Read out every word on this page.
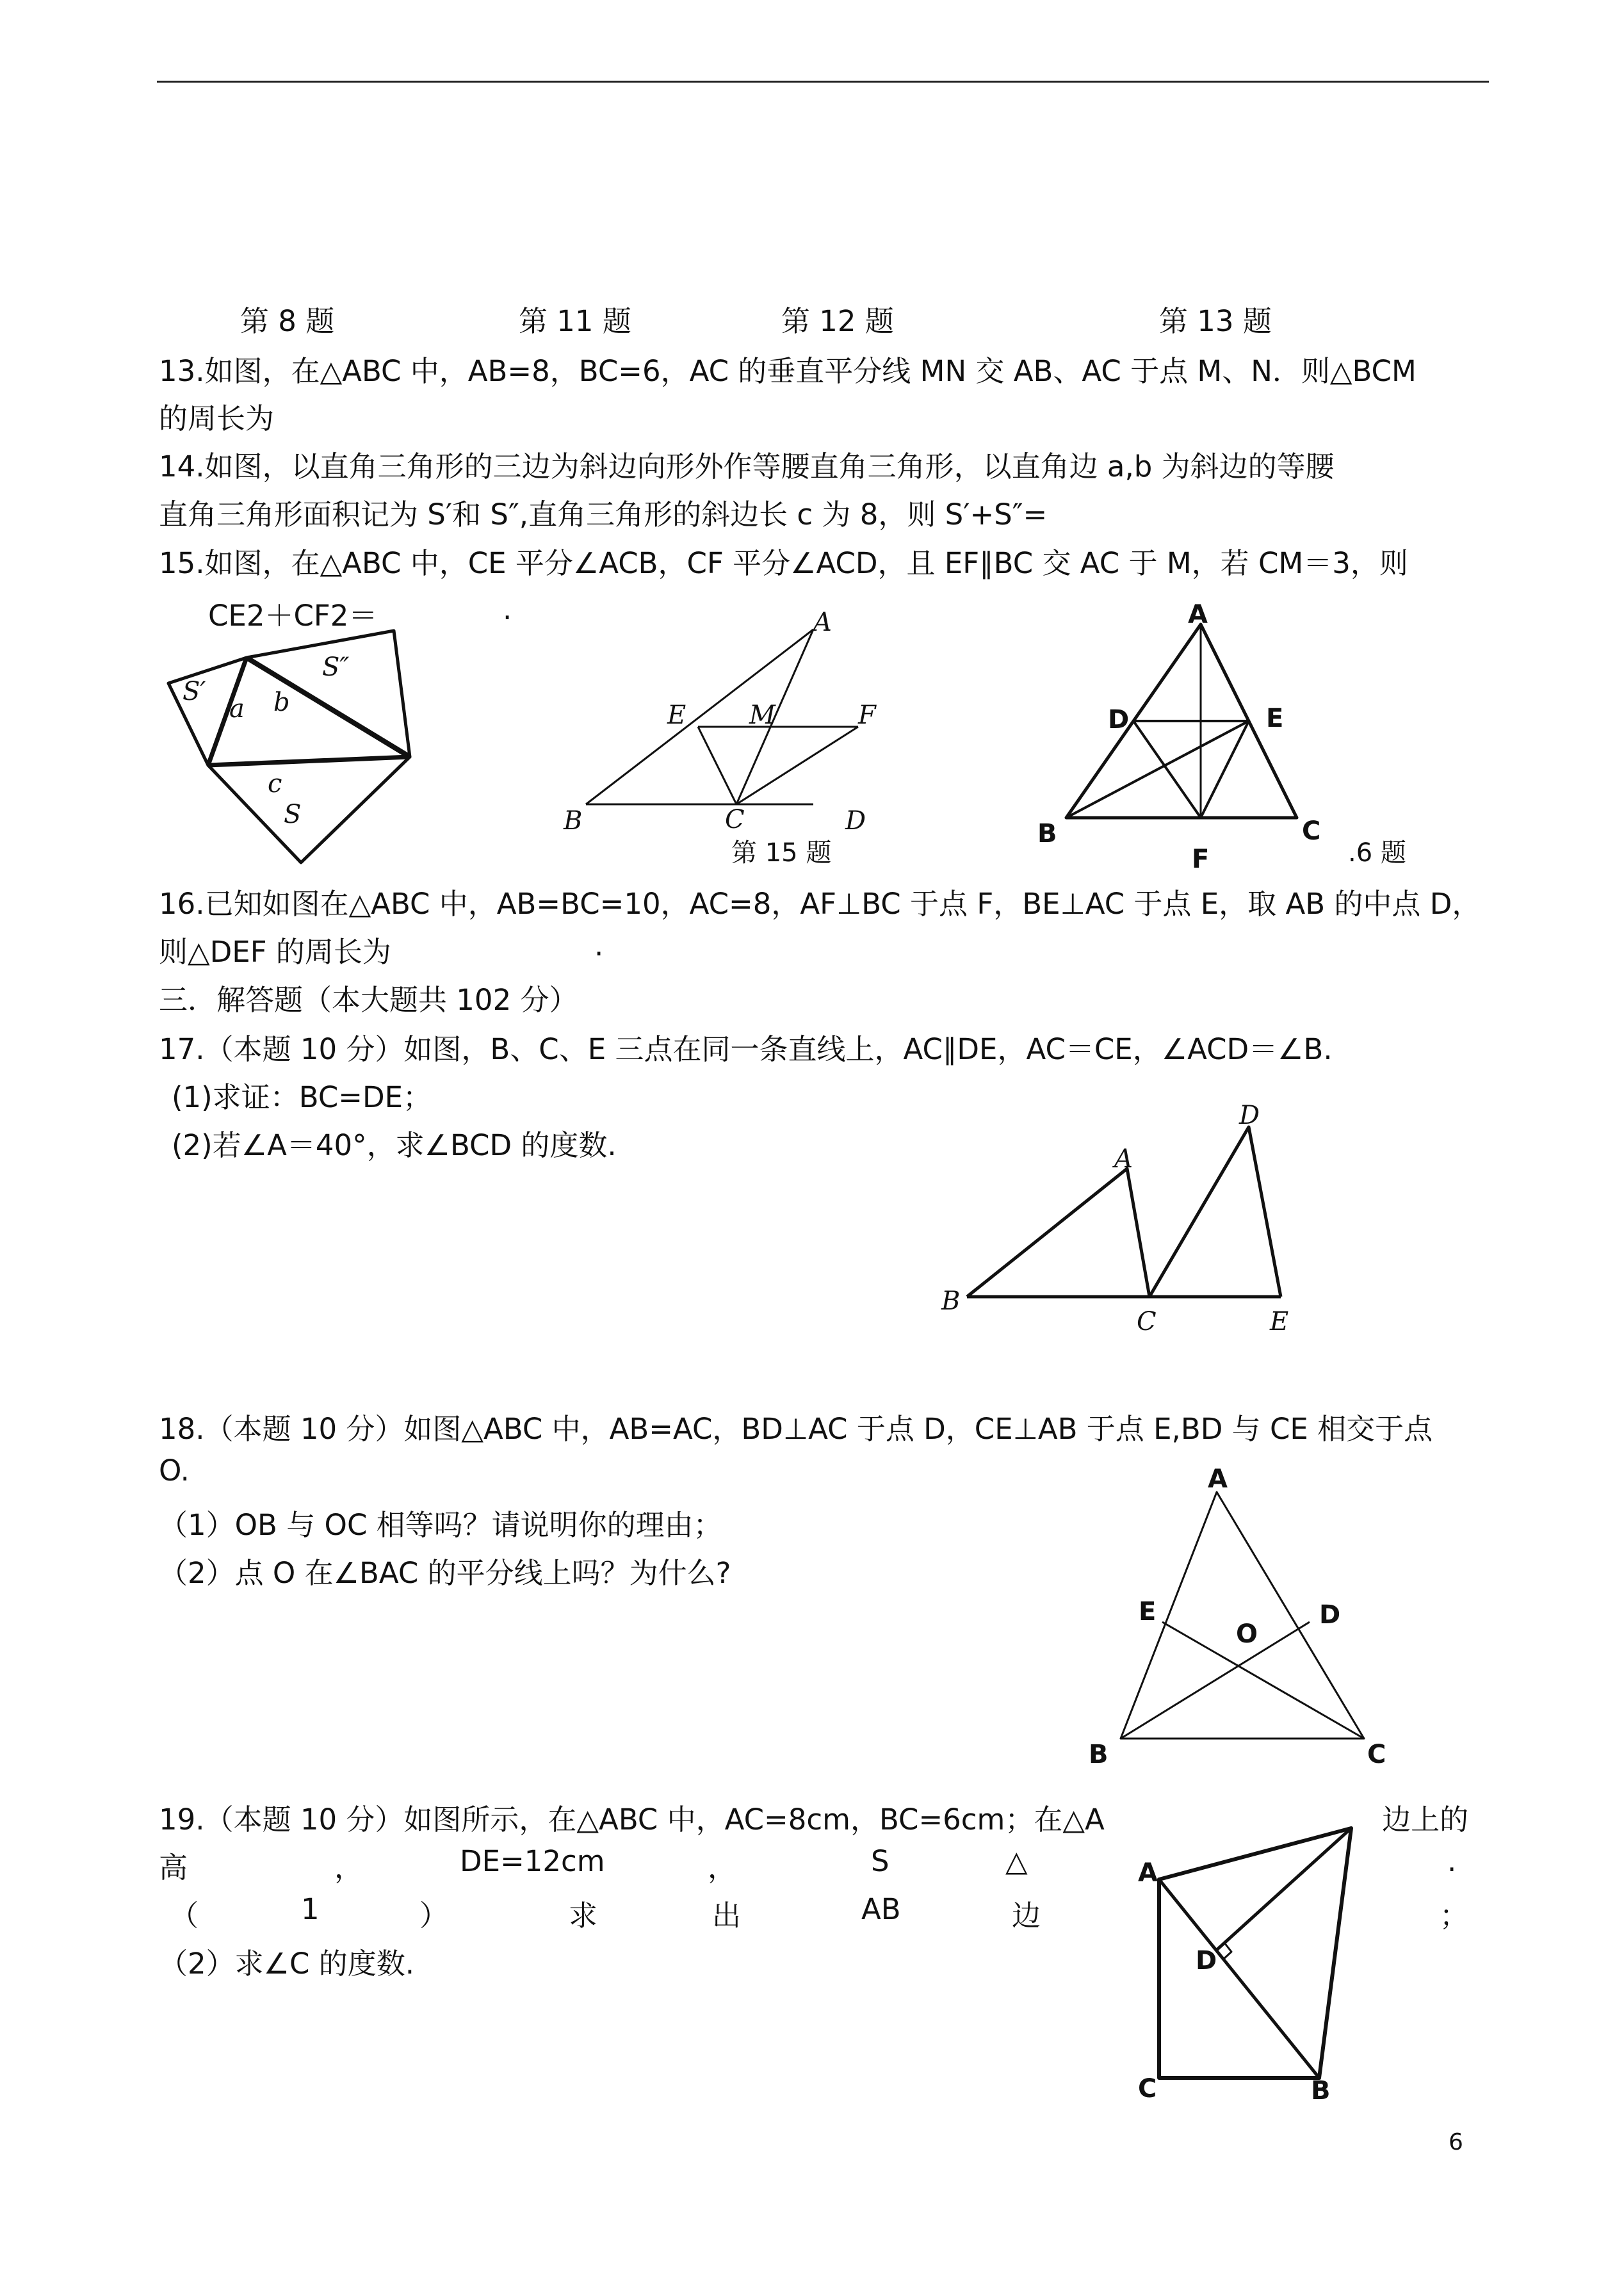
第 8 题	第 11 题	第 12 题	第 13 题
13.如图，在△ABC 中，AB=8，BC=6，AC 的垂直平分线 MN 交 AB、AC 于点 M、N．则△BCM
的周长为
14.如图，以直角三角形的三边为斜边向形外作等腰直角三角形，以直角边 a,b 为斜边的等腰
直角三角形面积记为 S′和 S″,直角三角形的斜边长 c 为 8，则 S′+S″=
15.如图，在△ABC 中，CE 平分∠ACB，CF 平分∠ACD，且 EF∥BC 交 AC 于 M，若 CM＝3，则
CE2＋CF2＝	.
S′
S″
a b
c
S
A
E M	F
B	C	D
第 15 题
A
D	E
B
F
C
.6 题
16.已知如图在△ABC 中，AB=BC=10，AC=8，AF⊥BC 于点 F，BE⊥AC 于点 E，取 AB 的中点 D，
则△DEF 的周长为	.
三．解答题（本大题共 102 分）
17.（本题 10 分）如图，B、C、E 三点在同一条直线上，AC∥DE，AC＝CE，∠ACD＝∠B.
(1)求证：BC=DE；
(2)若∠A＝40°，求∠BCD 的度数.
D
A
B
C	E
18.（本题 10 分）如图△ABC 中，AB=AC，BD⊥AC 于点 D，CE⊥AB 于点 E,BD 与 CE 相交于点
O.
（1）OB 与 OC 相等吗？请说明你的理由；
（2）点 O 在∠BAC 的平分线上吗？为什么?
A
E
O
D
B	C
19.（本题 10 分）如图所示，在△ABC 中，AC=8cm，BC=6cm；在△A	B 边上的
高	，	DE=12cm	，	S	△	.
（	1	）	求	出	AB	边	；
（2）求∠C 的度数.
A
D
C	B
6
